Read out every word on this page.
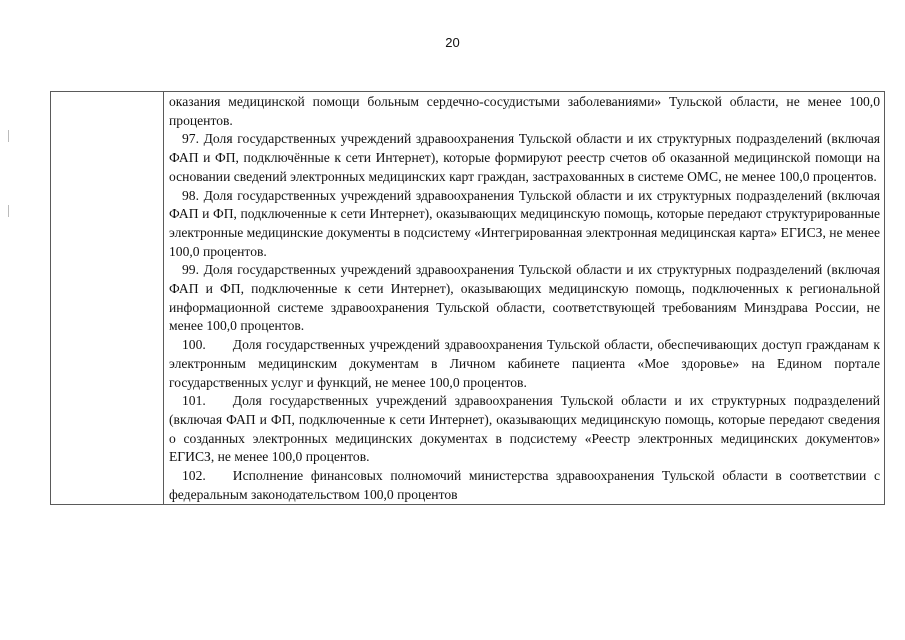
20

оказания медицинской помощи больным сердечно-сосудистыми заболеваниями» Тульской области, не менее 100,0 процентов.

97. Доля государственных учреждений здравоохранения Тульской области и их структурных подразделений (включая ФАП и ФП, подключённые к сети Интернет), которые формируют реестр счетов об оказанной медицинской помощи на основании сведений электронных медицинских карт граждан, застрахованных в системе ОМС, не менее 100,0 процентов.

98. Доля государственных учреждений здравоохранения Тульской области и их структурных подразделений (включая ФАП и ФП, подключенные к сети Интернет), оказывающих медицинскую помощь, которые передают структурированные электронные медицинские документы в подсистему «Интегрированная электронная медицинская карта» ЕГИСЗ, не менее 100,0 процентов.

99. Доля государственных учреждений здравоохранения Тульской области и их структурных подразделений (включая ФАП и ФП, подключенные к сети Интернет), оказывающих медицинскую помощь, подключенных к региональной информационной системе здравоохранения Тульской области, соответствующей требованиям Минздрава России, не менее 100,0 процентов.

100. Доля государственных учреждений здравоохранения Тульской области, обеспечивающих доступ гражданам к электронным медицинским документам в Личном кабинете пациента «Мое здоровье» на Едином портале государственных услуг и функций, не менее 100,0 процентов.

101. Доля государственных учреждений здравоохранения Тульской области и их структурных подразделений (включая ФАП и ФП, подключенные к сети Интернет), оказывающих медицинскую помощь, которые передают сведения о созданных электронных медицинских документах в подсистему «Реестр электронных медицинских документов» ЕГИСЗ, не менее 100,0 процентов.

102. Исполнение финансовых полномочий министерства здравоохранения Тульской области в соответствии с федеральным законодательством 100,0 процентов
